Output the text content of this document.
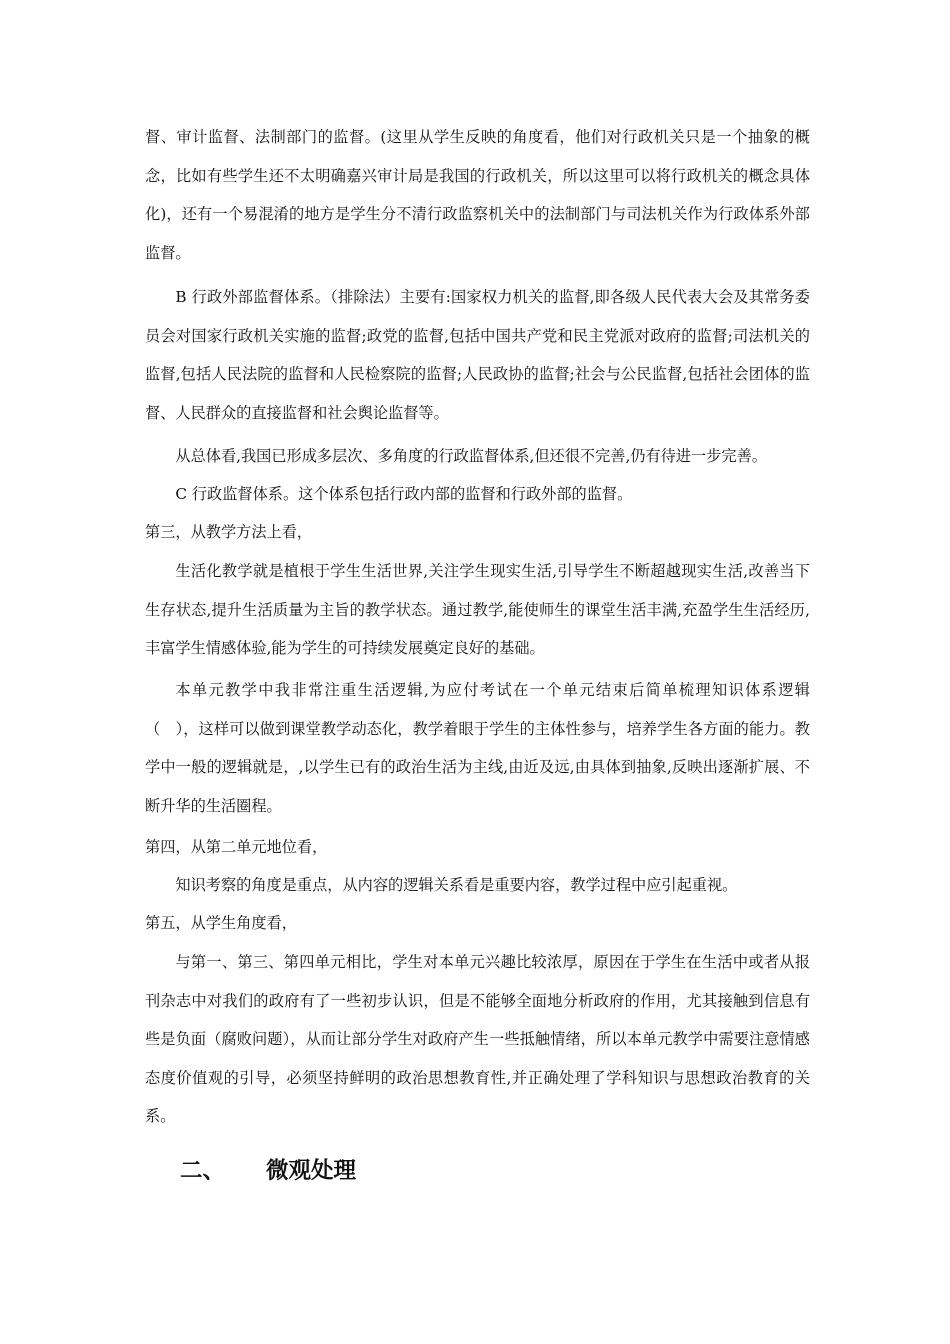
督、审计监督、法制部门的监督。(这里从学生反映的角度看，他们对行政机关只是一个抽象的概念，比如有些学生还不太明确嘉兴审计局是我国的行政机关，所以这里可以将行政机关的概念具体化)，还有一个易混淆的地方是学生分不清行政监察机关中的法制部门与司法机关作为行政体系外部监督。

B 行政外部监督体系。（排除法）主要有:国家权力机关的监督,即各级人民代表大会及其常务委员会对国家行政机关实施的监督;政党的监督,包括中国共产党和民主党派对政府的监督;司法机关的监督,包括人民法院的监督和人民检察院的监督;人民政协的监督;社会与公民监督,包括社会团体的监督、人民群众的直接监督和社会舆论监督等。

从总体看,我国已形成多层次、多角度的行政监督体系,但还很不完善,仍有待进一步完善。

C 行政监督体系。这个体系包括行政内部的监督和行政外部的监督。

第三，从教学方法上看，

生活化教学就是植根于学生生活世界,关注学生现实生活,引导学生不断超越现实生活,改善当下生存状态,提升生活质量为主旨的教学状态。通过教学,能使师生的课堂生活丰满,充盈学生生活经历,丰富学生情感体验,能为学生的可持续发展奠定良好的基础。

本单元教学中我非常注重生活逻辑,为应付考试在一个单元结束后简单梳理知识体系逻辑（　），这样可以做到课堂教学动态化，教学着眼于学生的主体性参与，培养学生各方面的能力。教学中一般的逻辑就是，,以学生已有的政治生活为主线,由近及远,由具体到抽象,反映出逐渐扩展、不断升华的生活圈程。

第四，从第二单元地位看，

知识考察的角度是重点，从内容的逻辑关系看是重要内容，教学过程中应引起重视。

第五，从学生角度看，

与第一、第三、第四单元相比，学生对本单元兴趣比较浓厚，原因在于学生在生活中或者从报刊杂志中对我们的政府有了一些初步认识，但是不能够全面地分析政府的作用，尤其接触到信息有些是负面（腐败问题），从而让部分学生对政府产生一些抵触情绪，所以本单元教学中需要注意情感态度价值观的引导，必须坚持鲜明的政治思想教育性,并正确处理了学科知识与思想政治教育的关系。

二、 微观处理
